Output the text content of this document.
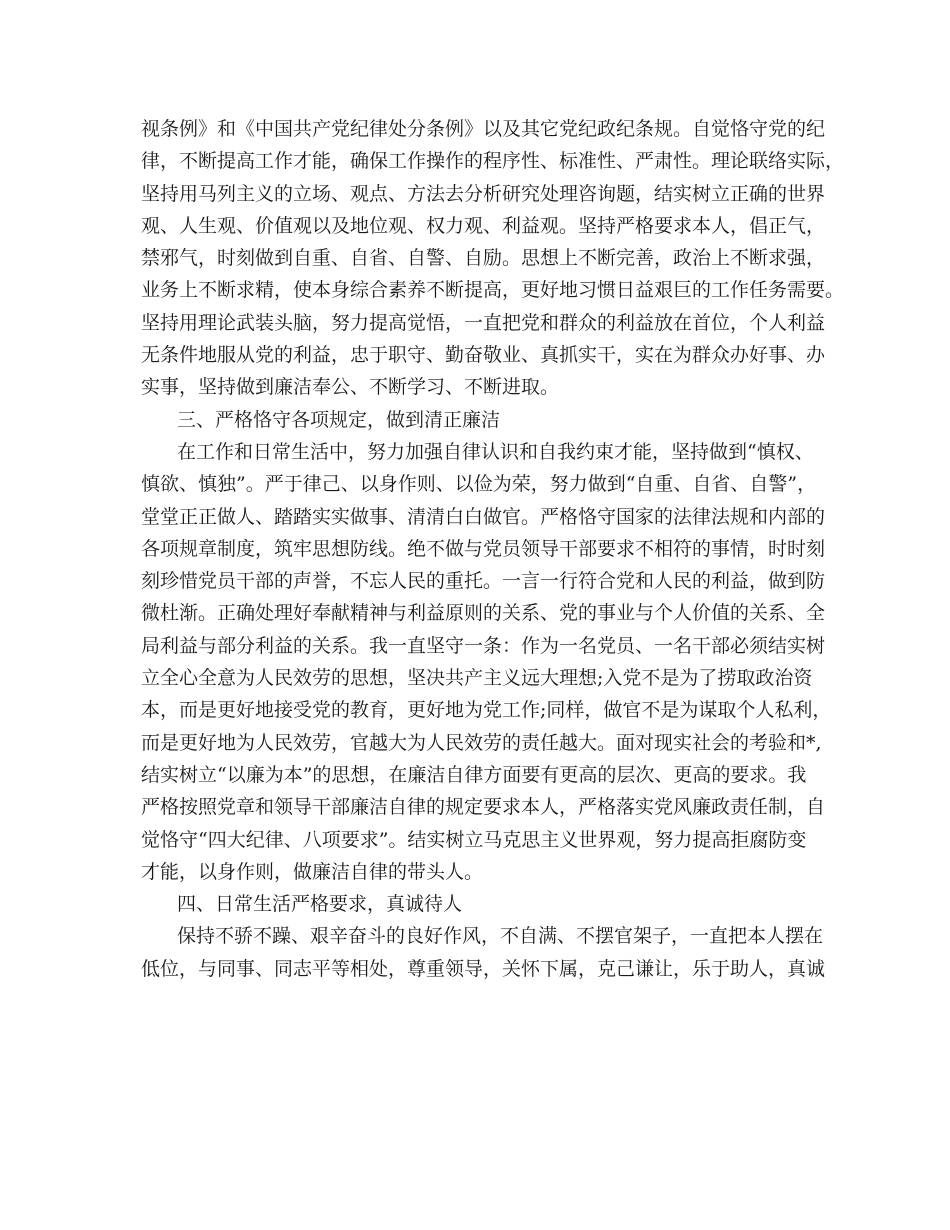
视条例》和《中国共产党纪律处分条例》以及其它党纪政纪条规。自觉恪守党的纪
律，不断提高工作才能，确保工作操作的程序性、标准性、严肃性。理论联络实际，
坚持用马列主义的立场、观点、方法去分析研究处理咨询题，结实树立正确的世界
观、人生观、价值观以及地位观、权力观、利益观。坚持严格要求本人，倡正气，
禁邪气，时刻做到自重、自省、自警、自励。思想上不断完善，政治上不断求强，
业务上不断求精，使本身综合素养不断提高，更好地习惯日益艰巨的工作任务需要。
坚持用理论武装头脑，努力提高觉悟，一直把党和群众的利益放在首位，个人利益
无条件地服从党的利益，忠于职守、勤奋敬业、真抓实干，实在为群众办好事、办
实事，坚持做到廉洁奉公、不断学习、不断进取。
三、严格恪守各项规定，做到清正廉洁
在工作和日常生活中，努力加强自律认识和自我约束才能，坚持做到“慎权、
慎欲、慎独”。严于律己、以身作则、以俭为荣，努力做到“自重、自省、自警”，
堂堂正正做人、踏踏实实做事、清清白白做官。严格恪守国家的法律法规和内部的
各项规章制度，筑牢思想防线。绝不做与党员领导干部要求不相符的事情，时时刻
刻珍惜党员干部的声誉，不忘人民的重托。一言一行符合党和人民的利益，做到防
微杜渐。正确处理好奉献精神与利益原则的关系、党的事业与个人价值的关系、全
局利益与部分利益的关系。我一直坚守一条：作为一名党员、一名干部必须结实树
立全心全意为人民效劳的思想，坚决共产主义远大理想;入党不是为了捞取政治资
本，而是更好地接受党的教育，更好地为党工作;同样，做官不是为谋取个人私利，
而是更好地为人民效劳，官越大为人民效劳的责任越大。面对现实社会的考验和*,
结实树立“以廉为本”的思想，在廉洁自律方面要有更高的层次、更高的要求。我
严格按照党章和领导干部廉洁自律的规定要求本人，严格落实党风廉政责任制，自
觉恪守“四大纪律、八项要求”。结实树立马克思主义世界观，努力提高拒腐防变
才能，以身作则，做廉洁自律的带头人。
四、日常生活严格要求，真诚待人
保持不骄不躁、艰辛奋斗的良好作风，不自满、不摆官架子，一直把本人摆在
低位，与同事、同志平等相处，尊重领导，关怀下属，克己谦让，乐于助人，真诚
